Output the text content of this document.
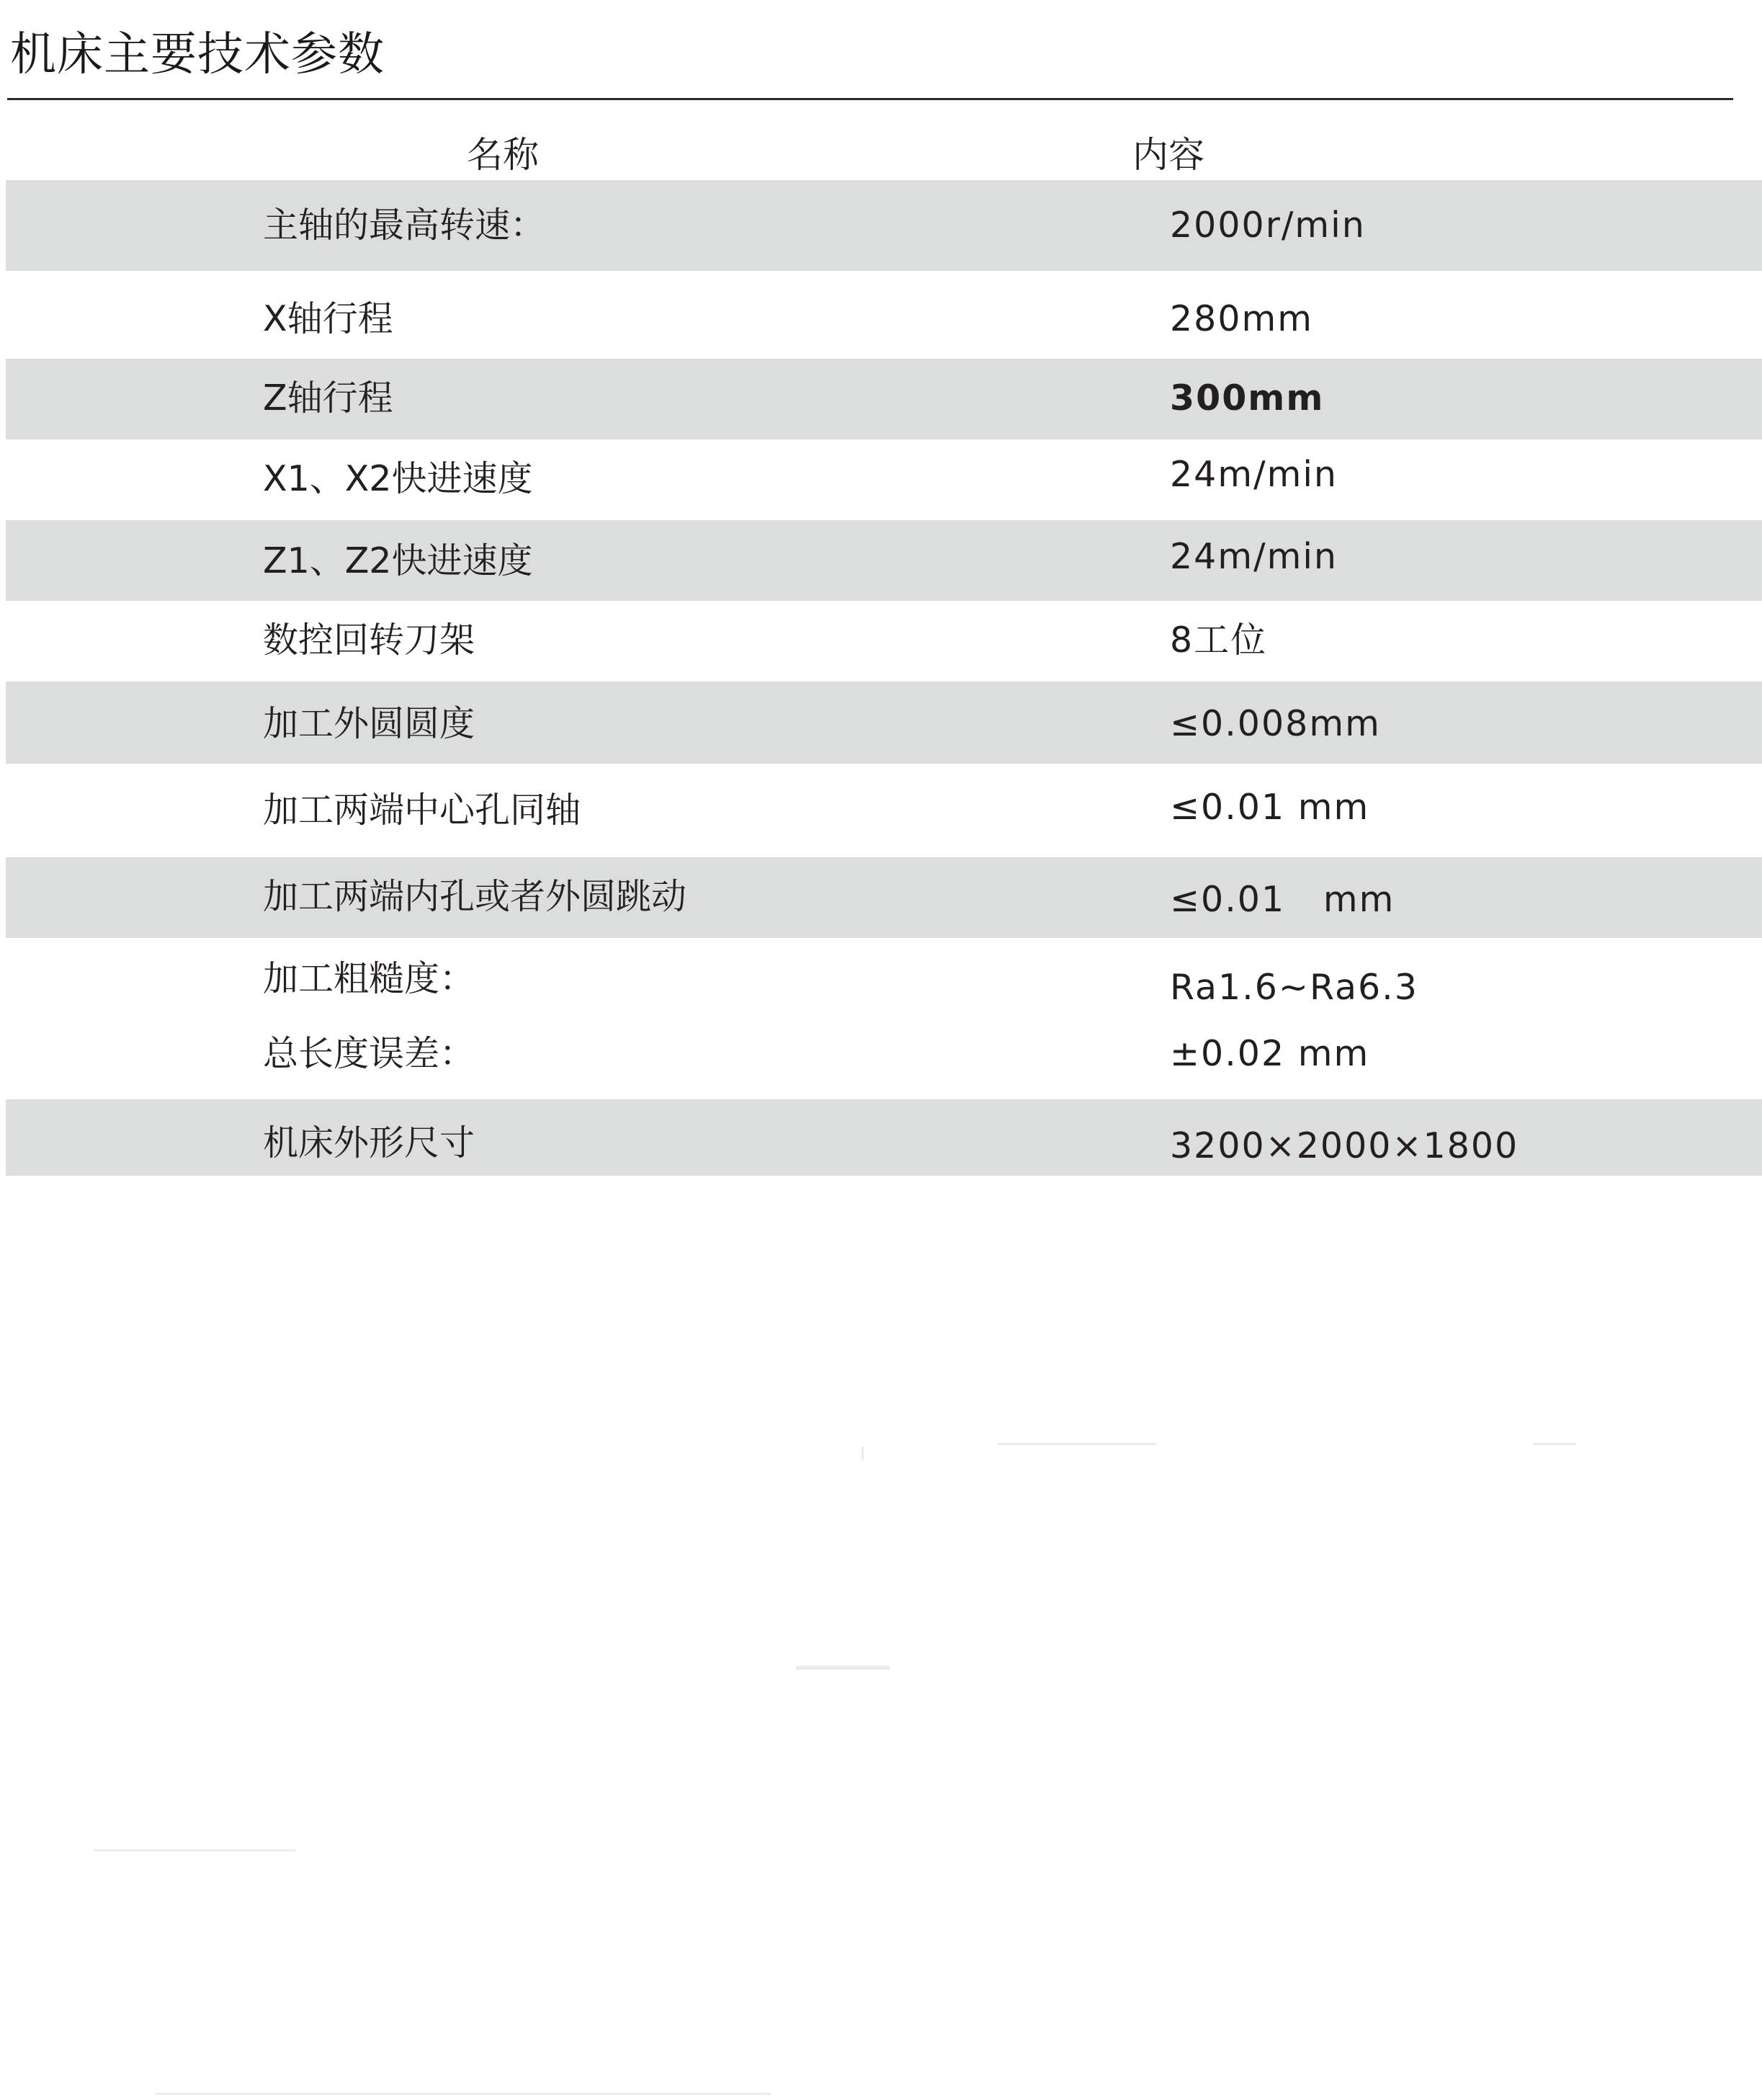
机床主要技术参数
名称	内容
主轴的最高转速：	2000r/min
X轴行程	280mm
Z轴行程	300mm
X1、X2快进速度	24m/min
Z1、Z2快进速度	24m/min
数控回转刀架	8工位
加工外圆圆度	≤0.008mm
加工两端中心孔同轴	≤0.01 mm
加工两端内孔或者外圆跳动	≤0.01   mm
加工粗糙度：	Ra1.6~Ra6.3
总长度误差：	±0.02 mm
机床外形尺寸	3200×2000×1800
